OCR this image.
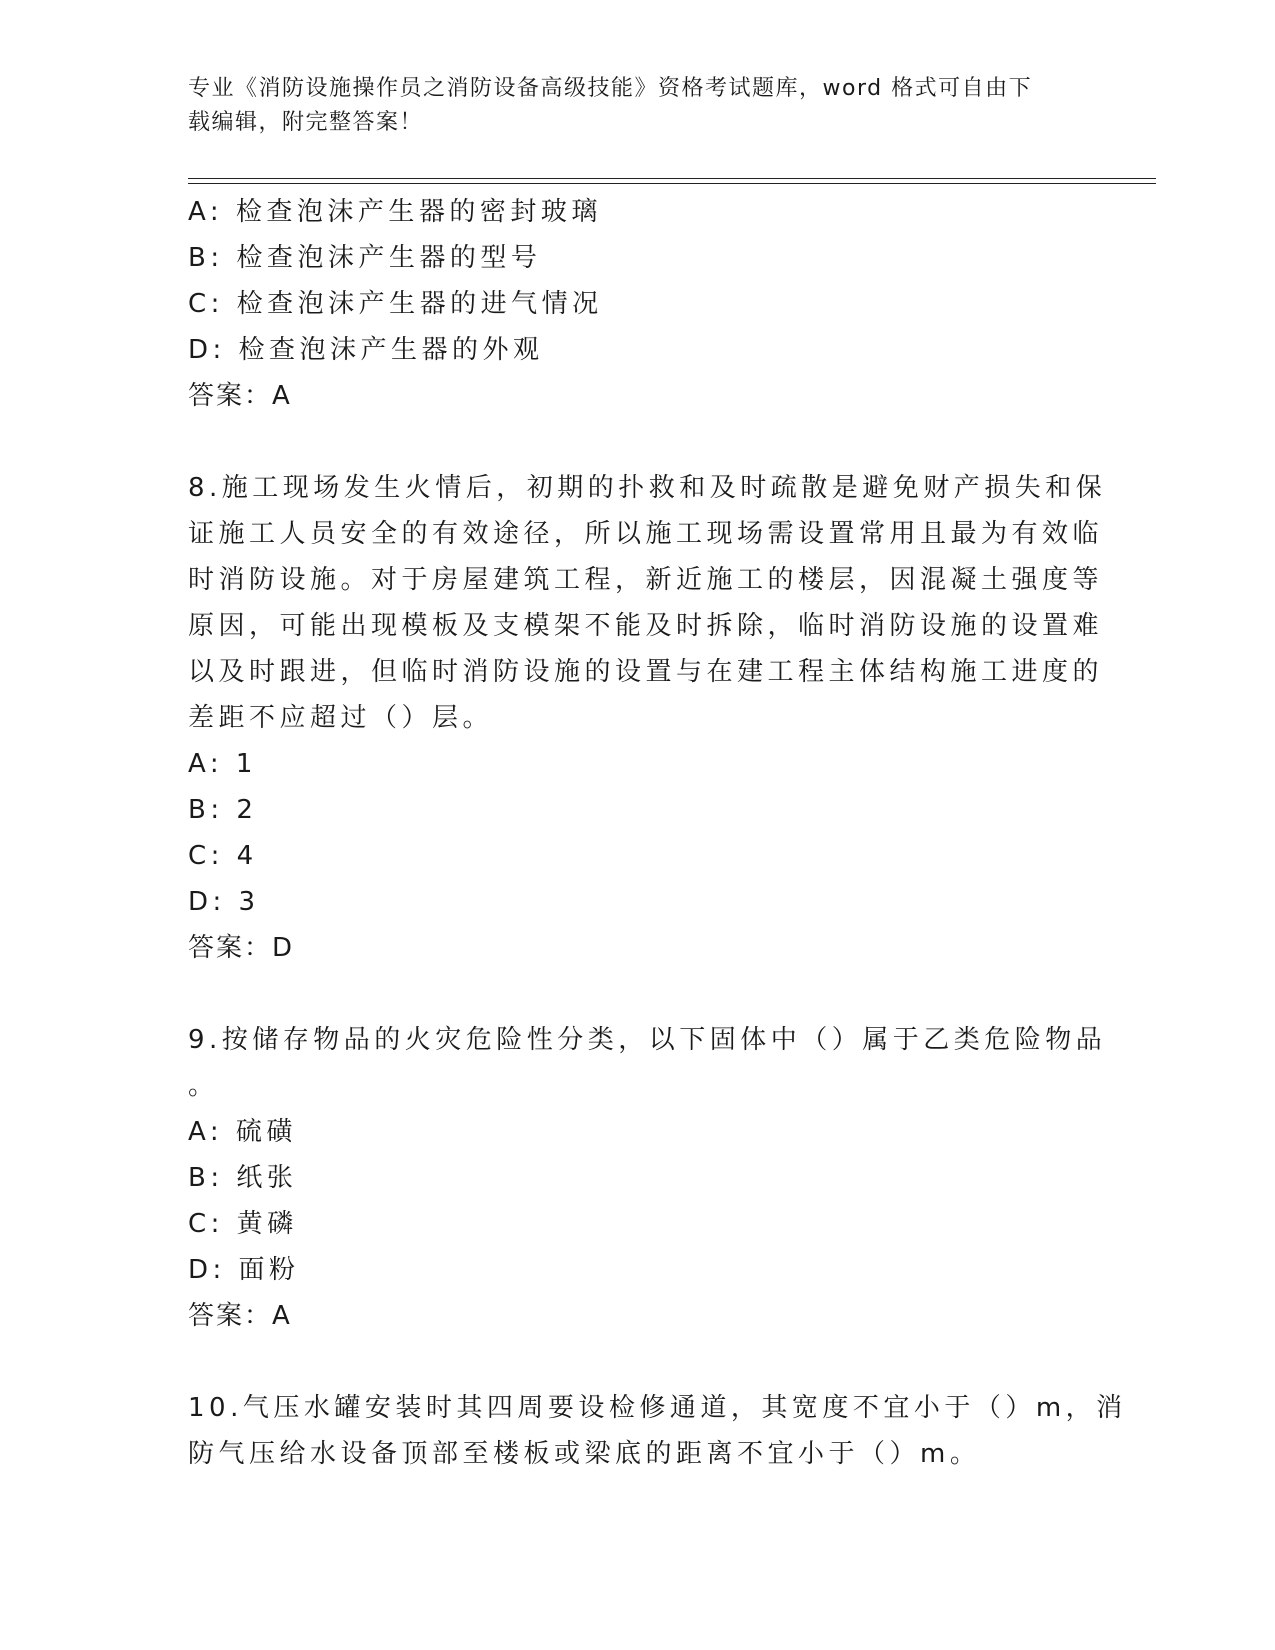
专业《消防设施操作员之消防设备高级技能》资格考试题库，word 格式可自由下
载编辑，附完整答案！
A: 检查泡沫产生器的密封玻璃
B: 检查泡沫产生器的型号
C: 检查泡沫产生器的进气情况
D: 检查泡沫产生器的外观
答案：A
8.施工现场发生火情后，初期的扑救和及时疏散是避免财产损失和保
证施工人员安全的有效途径，所以施工现场需设置常用且最为有效临
时消防设施。对于房屋建筑工程，新近施工的楼层，因混凝土强度等
原因，可能出现模板及支模架不能及时拆除，临时消防设施的设置难
以及时跟进，但临时消防设施的设置与在建工程主体结构施工进度的
差距不应超过（）层。
A: 1
B: 2
C: 4
D: 3
答案：D
9.按储存物品的火灾危险性分类，以下固体中（）属于乙类危险物品
。
A: 硫磺
B: 纸张
C: 黄磷
D: 面粉
答案：A
10.气压水罐安装时其四周要设检修通道，其宽度不宜小于（）m，消
防气压给水设备顶部至楼板或梁底的距离不宜小于（）m。
